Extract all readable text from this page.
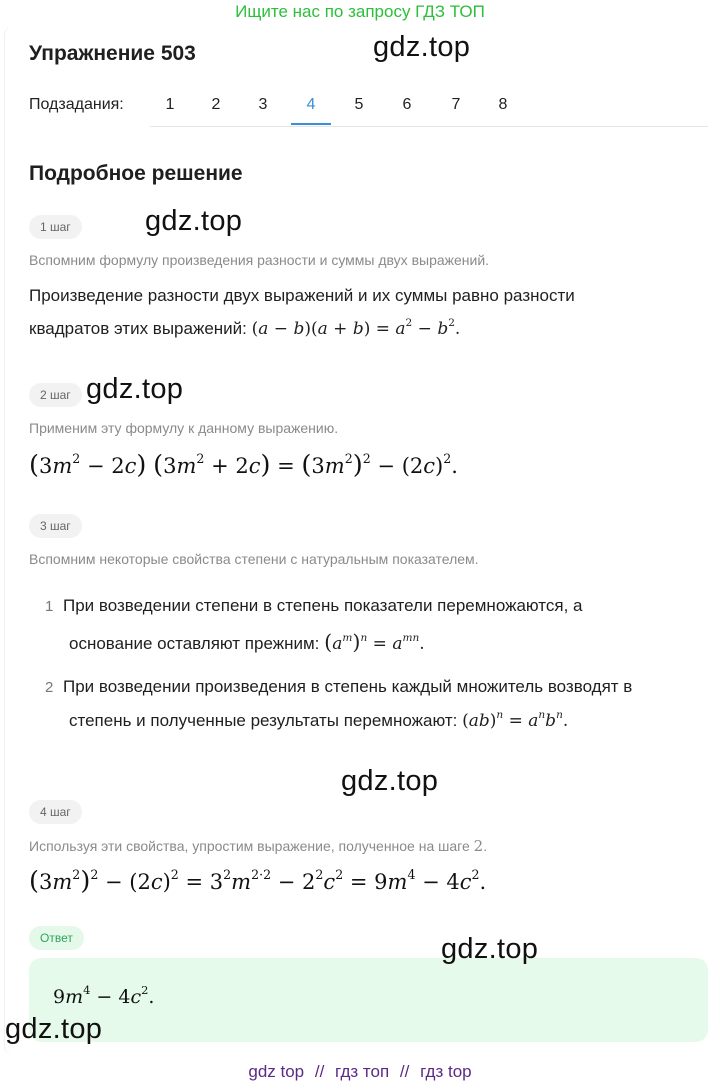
Ищите нас по запросу ГДЗ ТОП
Упражнение 503
Подзадания:	1	2	3	4	5	6	7	8
Подробное решение
1 шаг
Вспомним формулу произведения разности и суммы двух выражений.
Произведение разности двух выражений и их суммы равно разности
квадратов этих выражений: $(a - b)(a + b) = a^2 - b^2$.
2 шаг
Применим эту формулу к данному выражению.
$(3m^2 - 2c) (3m^2 + 2c) = (3m^2)^2 - (2c)^2$.
3 шаг
Вспомним некоторые свойства степени с натуральным показателем.
1 При возведении степени в степень показатели перемножаются, а
основание оставляют прежним: $(a^m)^n = a^{mn}$.
2 При возведении произведения в степень каждый множитель возводят в
степень и полученные результаты перемножают: $(ab)^n = a^nb^n$.
4 шаг
Используя эти свойства, упростим выражение, полученное на шаге 2.
$(3m^2)^2 - (2c)^2 = 3^2m^{2\cdot 2} - 2^2c^2 = 9m^4 - 4c^2$.
Ответ
$9m^4 - 4c^2$.
gdz.top
gdz.top
gdz.top
gdz.top
gdz.top
gdz.top
gdz top // гдз топ // гдз top
